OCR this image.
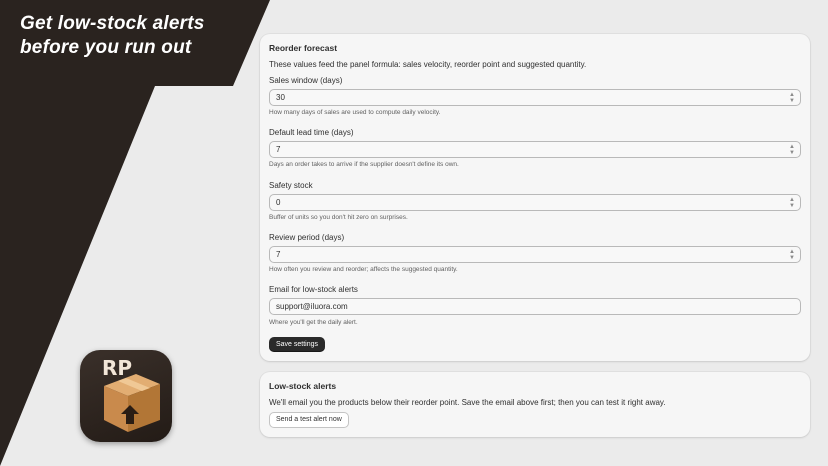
Get low-stock alerts
before you run out
RP
Reorder forecast
These values feed the panel formula: sales velocity, reorder point and suggested quantity.
Sales window (days)
30	▲
▼
How many days of sales are used to compute daily velocity.
Default lead time (days)
7	▲
▼
Days an order takes to arrive if the supplier doesn't define its own.
Safety stock
0	▲
▼
Buffer of units so you don't hit zero on surprises.
Review period (days)
7	▲
▼
How often you review and reorder; affects the suggested quantity.
Email for low-stock alerts
support@iluora.com
Where you'll get the daily alert.
Save settings
Low-stock alerts
We'll email you the products below their reorder point. Save the email above first; then you can test it right away.
Send a test alert now
